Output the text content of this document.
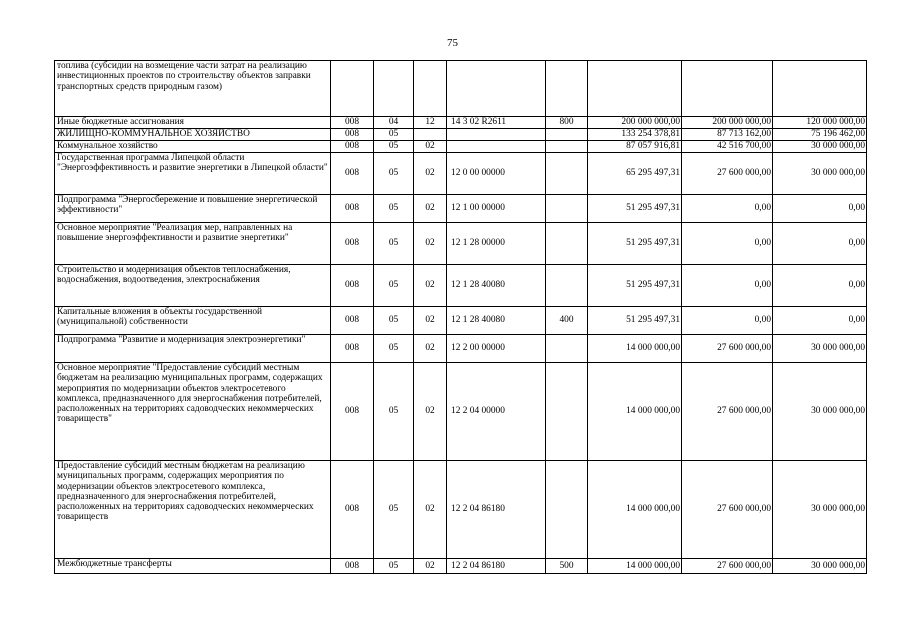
75
топлива (субсидии на возмещение части затрат на реализацию инвестиционных проектов по строительству объектов заправки транспортных средств природным газом)								
Иные бюджетные ассигнования	008	04	12	14 3 02 R2611	800	200 000 000,00	200 000 000,00	120 000 000,00
ЖИЛИЩНО-КОММУНАЛЬНОЕ ХОЗЯЙСТВО	008	05				133 254 378,81	87 713 162,00	75 196 462,00
Коммунальное хозяйство	008	05	02			87 057 916,81	42 516 700,00	30 000 000,00
Государственная программа Липецкой области "Энергоэффективность и развитие энергетики в Липецкой области"	008	05	02	12 0 00 00000		65 295 497,31	27 600 000,00	30 000 000,00
Подпрограмма "Энергосбережение и повышение энергетической эффективности"	008	05	02	12 1 00 00000		51 295 497,31	0,00	0,00
Основное мероприятие "Реализация мер, направленных на повышение энергоэффективности и развитие энергетики"	008	05	02	12 1 28 00000		51 295 497,31	0,00	0,00
Строительство и модернизация объектов теплоснабжения, водоснабжения, водоотведения, электроснабжения	008	05	02	12 1 28 40080		51 295 497,31	0,00	0,00
Капитальные вложения в объекты государственной (муниципальной) собственности	008	05	02	12 1 28 40080	400	51 295 497,31	0,00	0,00
Подпрограмма "Развитие и модернизация электроэнергетики"	008	05	02	12 2 00 00000		14 000 000,00	27 600 000,00	30 000 000,00
Основное мероприятие "Предоставление субсидий местным бюджетам на реализацию муниципальных программ, содержащих мероприятия по модернизации объектов электросетевого комплекса, предназначенного для энергоснабжения потребителей, расположенных на территориях садоводческих некоммерческих товариществ"	008	05	02	12 2 04 00000		14 000 000,00	27 600 000,00	30 000 000,00
Предоставление субсидий местным бюджетам на реализацию муниципальных программ, содержащих мероприятия по модернизации объектов электросетевого комплекса, предназначенного для энергоснабжения потребителей, расположенных на территориях садоводческих некоммерческих товариществ	008	05	02	12 2 04 86180		14 000 000,00	27 600 000,00	30 000 000,00
Межбюджетные трансферты	008	05	02	12 2 04 86180	500	14 000 000,00	27 600 000,00	30 000 000,00
